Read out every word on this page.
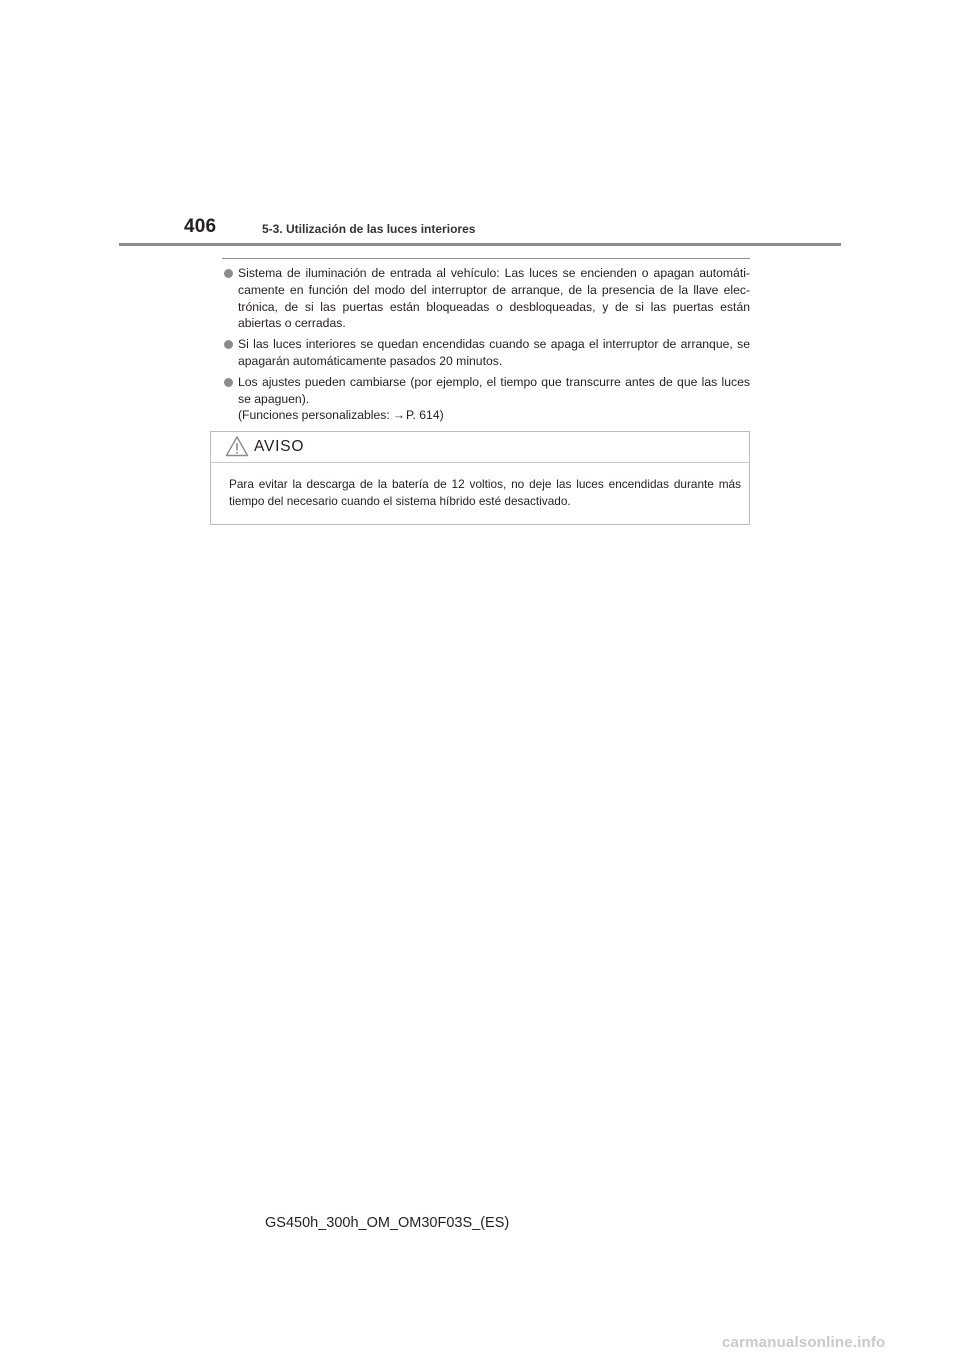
406	5-3. Utilización de las luces interiores
Sistema de iluminación de entrada al vehículo: Las luces se encienden o apagan automáti-camente en función del modo del interruptor de arranque, de la presencia de la llave elec-trónica, de si las puertas están bloqueadas o desbloqueadas, y de si las puertas están abiertas o cerradas.
Si las luces interiores se quedan encendidas cuando se apaga el interruptor de arranque, se apagarán automáticamente pasados 20 minutos.
Los ajustes pueden cambiarse (por ejemplo, el tiempo que transcurre antes de que las luces se apaguen).
(Funciones personalizables: →P. 614)
AVISO

Para evitar la descarga de la batería de 12 voltios, no deje las luces encendidas durante más tiempo del necesario cuando el sistema híbrido esté desactivado.

GS450h_300h_OM_OM30F03S_(ES)
carmanualsonline.info
